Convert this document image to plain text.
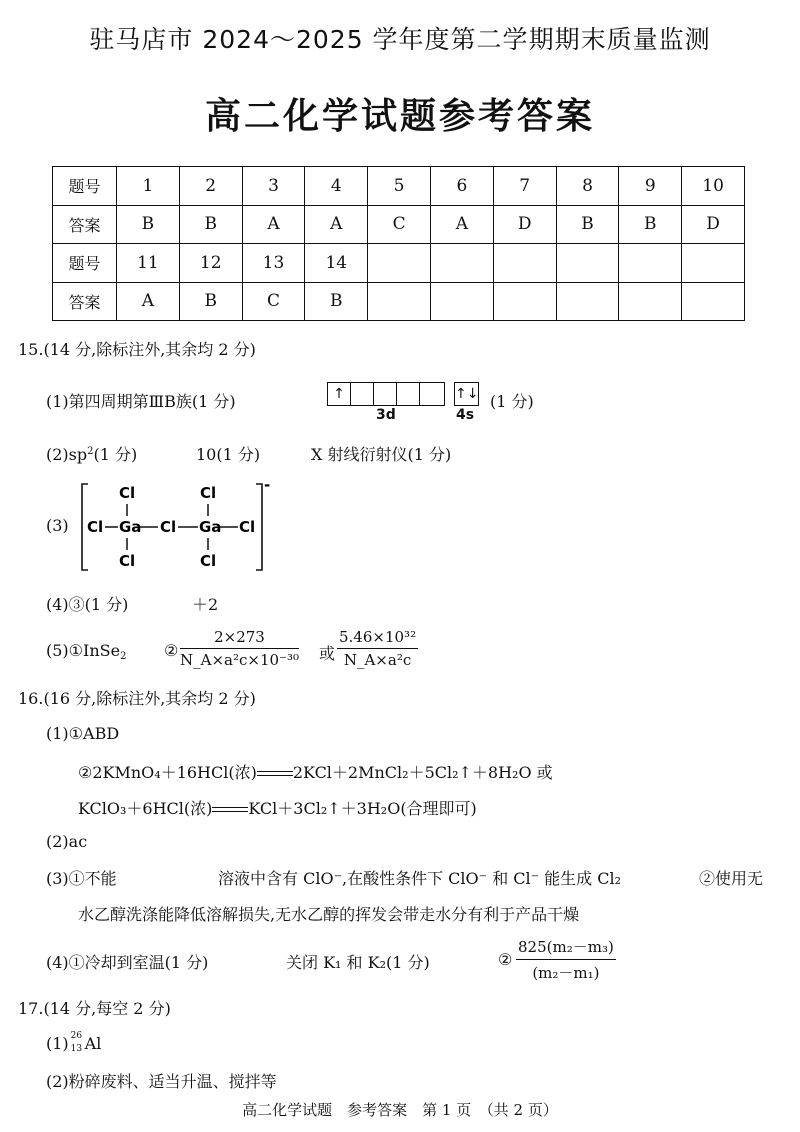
驻马店市 2024～2025 学年度第二学期期末质量监测
高二化学试题参考答案
题号	1	2	3	4	5	6	7	8	9	10
答案	B	B	A	A	C	A	D	B	B	D
题号	11	12	13	14						
答案	A	B	C	B						
15.(14 分,除标注外,其余均 2 分)
(1)第四周期第ⅢB族(1 分)	↑	↑↓
3d	4s
(1 分)
$(2)sp^2(1$ 分)	10(1 分)	X 射线衍射仪(1 分)
(3)
-
Cl	Cl
Cl Ga Cl Ga Cl
Cl	Cl
(4)③(1 分)	＋2
(5)①InSe$_2$ ② $\frac{2\times 273}{\text{N\_A×a²c×10⁻³⁰}}$ 或 $\frac{\text{5.46×10³²}}{\text{N\_A×a²c}}$
16.(16 分,除标注外,其余均 2 分)
(1)①ABD
②2KMnO₄＋16HCl(浓) 2KCl＋2MnCl₂＋5Cl₂↑＋8H₂O 或
KClO₃＋6HCl(浓) KCl＋3Cl₂↑＋3H₂O(合理即可)
(2)ac
(3)①不能	溶液中含有 ClO⁻,在酸性条件下 ClO⁻ 和 Cl⁻ 能生成 Cl₂	②使用无
水乙醇洗涤能降低溶解损失,无水乙醇的挥发会带走水分有利于产品干燥
(4)①冷却到室温(1 分)	关闭 K₁ 和 K₂(1 分)	② $\frac{\text{825(m₂－m₃)}}{\text{(m₂－m₁)}}$
17.(14 分,每空 2 分)
(1) 26
13 Al
(2)粉碎废料、适当升温、搅拌等
高二化学试题　参考答案　第 1 页　（共 2 页）
